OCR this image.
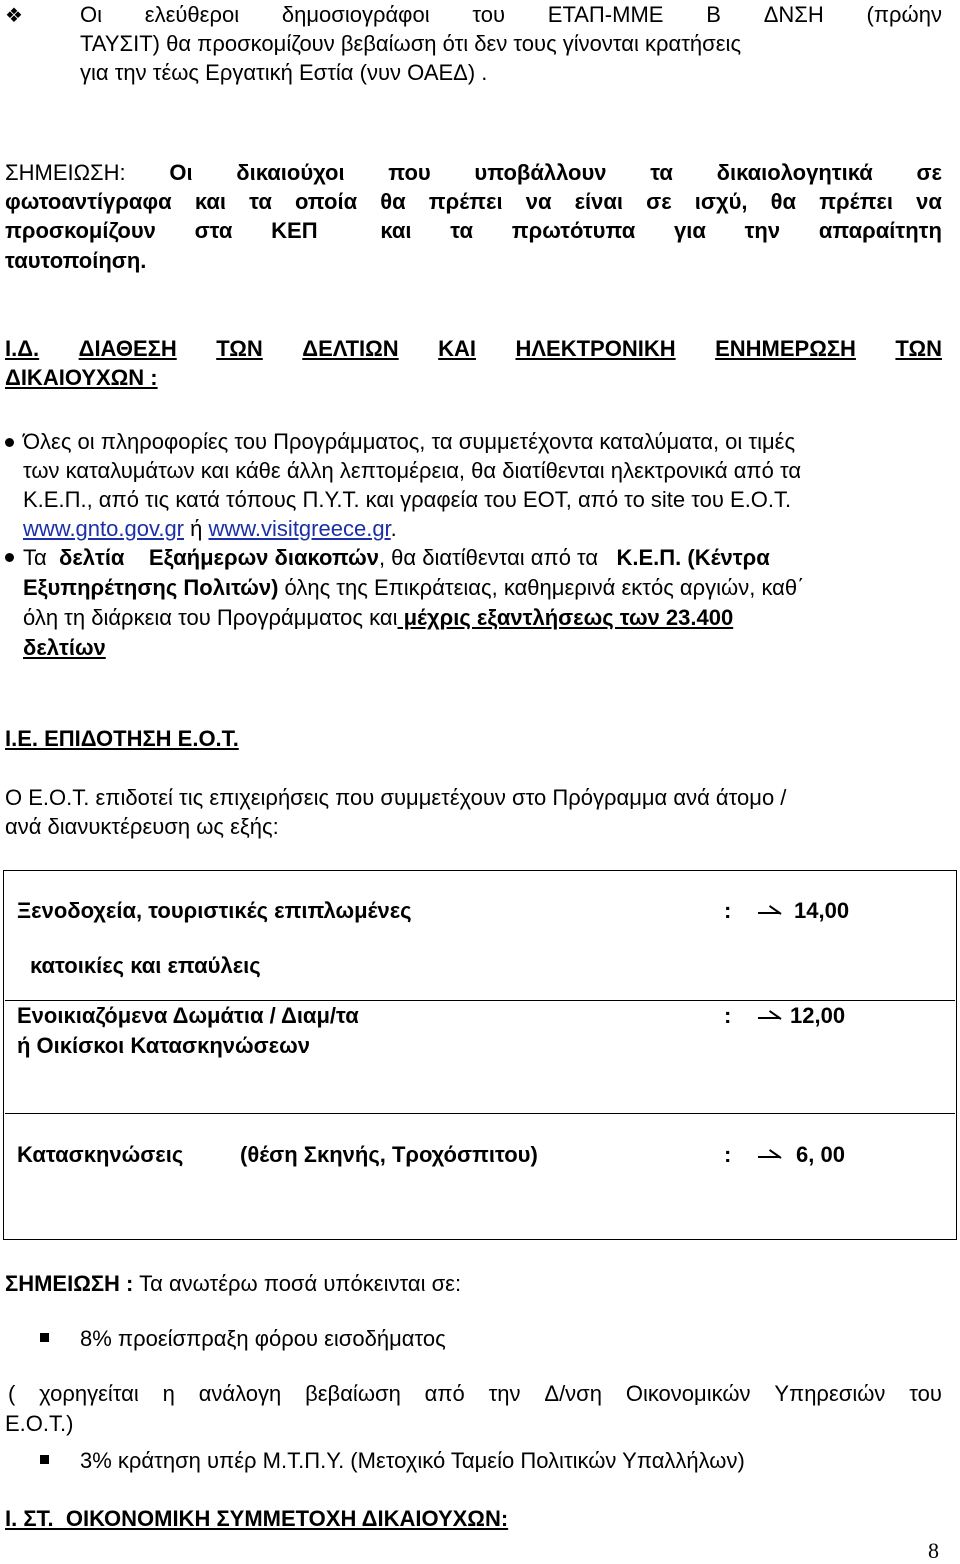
❖	Οι ελεύθεροι δημοσιογράφοι του ΕΤΑΠ-ΜΜΕ Β ΔΝΣΗ (πρώην
ΤΑΥΣΙΤ) θα προσκομίζουν βεβαίωση ότι δεν τους γίνονται κρατήσεις
για την τέως Εργατική Εστία (νυν ΟΑΕΔ) .
ΣΗΜΕΙΩΣΗ: Οι δικαιούχοι που υποβάλλουν τα δικαιολογητικά σε
φωτοαντίγραφα και τα οποία θα πρέπει να είναι σε ισχύ, θα πρέπει να
προσκομίζουν στα ΚΕΠ	και τα πρωτότυπα για την απαραίτητη
ταυτοποίηση.
Ι.Δ. ΔΙΑΘΕΣΗ ΤΩΝ ΔΕΛΤΙΩΝ ΚΑΙ ΗΛΕΚΤΡΟΝΙΚΗ ΕΝΗΜΕΡΩΣΗ ΤΩΝ
ΔΙΚΑΙΟΥΧΩΝ :
Όλες οι πληροφορίες του Προγράμματος, τα συμμετέχοντα καταλύματα, οι τιμές
των καταλυμάτων και κάθε άλλη λεπτομέρεια, θα διατίθενται ηλεκτρονικά από τα
Κ.Ε.Π., από τις κατά τόπους Π.Υ.Τ. και γραφεία του ΕΟΤ, από το site του Ε.Ο.Τ.
www.gnto.gov.gr ή www.visitgreece.gr.
Τα δελτία Εξαήμερων διακοπών, θα διατίθενται από τα Κ.Ε.Π. (Κέντρα
Εξυπηρέτησης Πολιτών) όλης της Επικράτειας, καθημερινά εκτός αργιών, καθ΄
όλη τη διάρκεια του Προγράμματος και μέχρις εξαντλήσεως των 23.400
δελτίων
Ι.Ε. ΕΠΙΔΟΤΗΣΗ Ε.Ο.Τ.
Ο Ε.Ο.Τ. επιδοτεί τις επιχειρήσεις που συμμετέχουν στο Πρόγραμμα ανά άτομο /
ανά διανυκτέρευση ως εξής:
Ξενοδοχεία, τουριστικές επιπλωμένες
κατοικίες και επαύλεις
:	14,00
Ενοικιαζόμενα Δωμάτια / Διαμ/τα
ή Οικίσκοι Κατασκηνώσεων
:	12,00
Κατασκηνώσεις	(θέση Σκηνής, Τροχόσπιτου)	:	6, 00
ΣΗΜΕΙΩΣΗ : Τα ανωτέρω ποσά υπόκεινται σε:
8% προείσπραξη φόρου εισοδήματος
( χορηγείται η ανάλογη βεβαίωση από την Δ/νση Οικονομικών Υπηρεσιών του
Ε.Ο.Τ.)
3% κράτηση υπέρ Μ.Τ.Π.Υ. (Μετοχικό Ταμείο Πολιτικών Υπαλλήλων)
Ι. ΣΤ.  ΟΙΚΟΝΟΜΙΚΗ ΣΥΜΜΕΤΟΧΗ ΔΙΚΑΙΟΥΧΩΝ:
8
